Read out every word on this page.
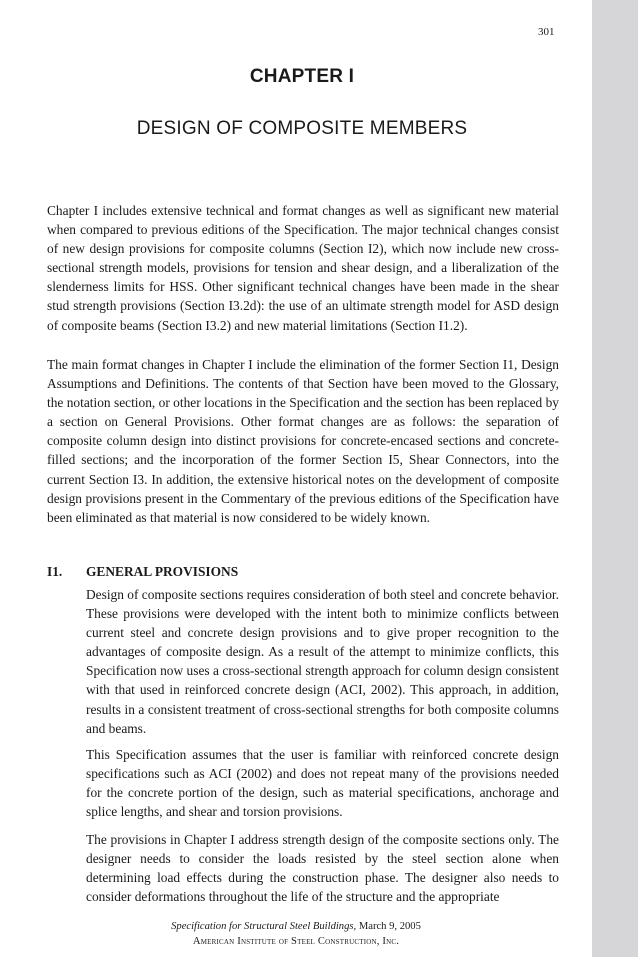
301
CHAPTER I
DESIGN OF COMPOSITE MEMBERS

Chapter I includes extensive technical and format changes as well as significant new material when compared to previous editions of the Specification. The major technical changes consist of new design provisions for composite columns (Section I2), which now include new cross-sectional strength models, provisions for tension and shear design, and a liberalization of the slenderness limits for HSS. Other significant technical changes have been made in the shear stud strength provisions (Section I3.2d): the use of an ultimate strength model for ASD design of composite beams (Section I3.2) and new material limitations (Section I1.2).

The main format changes in Chapter I include the elimination of the former Section I1, Design Assumptions and Definitions. The contents of that Section have been moved to the Glossary, the notation section, or other locations in the Specification and the section has been replaced by a section on General Provisions. Other format changes are as follows: the separation of composite column design into distinct provisions for concrete-encased sections and concrete-filled sections; and the incorporation of the former Section I5, Shear Connectors, into the current Section I3. In addition, the extensive historical notes on the development of composite design provisions present in the Commentary of the previous editions of the Specification have been eliminated as that material is now considered to be widely known.

I1. GENERAL PROVISIONS

Design of composite sections requires consideration of both steel and concrete behavior. These provisions were developed with the intent both to minimize conflicts between current steel and concrete design provisions and to give proper recognition to the advantages of composite design. As a result of the attempt to minimize conflicts, this Specification now uses a cross-sectional strength approach for column design consistent with that used in reinforced concrete design (ACI, 2002). This approach, in addition, results in a consistent treatment of cross-sectional strengths for both composite columns and beams.

This Specification assumes that the user is familiar with reinforced concrete design specifications such as ACI (2002) and does not repeat many of the provisions needed for the concrete portion of the design, such as material specifications, anchorage and splice lengths, and shear and torsion provisions.

The provisions in Chapter I address strength design of the composite sections only. The designer needs to consider the loads resisted by the steel section alone when determining load effects during the construction phase. The designer also needs to consider deformations throughout the life of the structure and the appropriate

Specification for Structural Steel Buildings, March 9, 2005
American Institute of Steel Construction, Inc.
